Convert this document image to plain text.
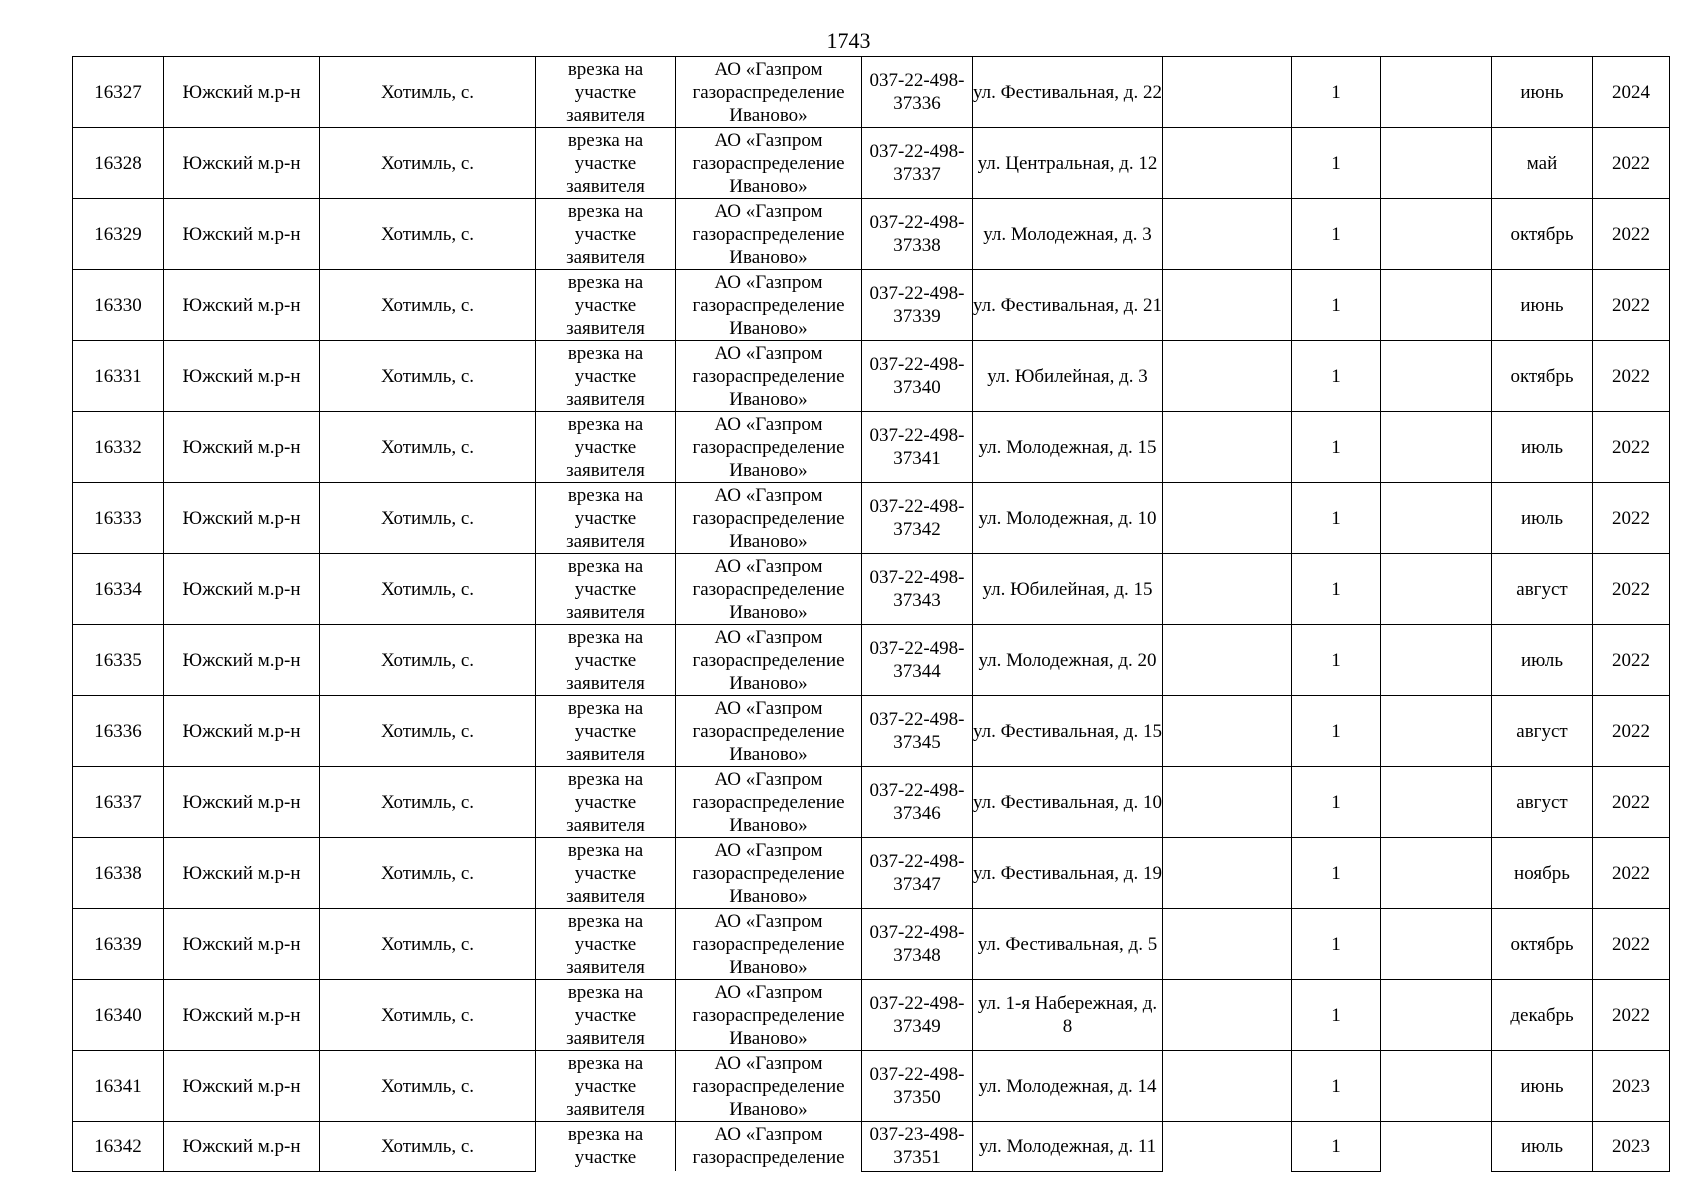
1743
16327	Южский м.р-н	Хотимль, с.	врезка на участке заявителя	АО «Газпром газораспределение Иваново»	037-22-498-37336	ул. Фестивальная, д. 22		1		июнь	2024

16328	Южский м.р-н	Хотимль, с.	врезка на участке заявителя	АО «Газпром газораспределение Иваново»	037-22-498-37337	ул. Центральная, д. 12		1		май	2022

16329	Южский м.р-н	Хотимль, с.	врезка на участке заявителя	АО «Газпром газораспределение Иваново»	037-22-498-37338	ул. Молодежная, д. 3		1		октябрь	2022

16330	Южский м.р-н	Хотимль, с.	врезка на участке заявителя	АО «Газпром газораспределение Иваново»	037-22-498-37339	ул. Фестивальная, д. 21		1		июнь	2022

16331	Южский м.р-н	Хотимль, с.	врезка на участке заявителя	АО «Газпром газораспределение Иваново»	037-22-498-37340	ул. Юбилейная, д. 3		1		октябрь	2022

16332	Южский м.р-н	Хотимль, с.	врезка на участке заявителя	АО «Газпром газораспределение Иваново»	037-22-498-37341	ул. Молодежная, д. 15		1		июль	2022

16333	Южский м.р-н	Хотимль, с.	врезка на участке заявителя	АО «Газпром газораспределение Иваново»	037-22-498-37342	ул. Молодежная, д. 10		1		июль	2022

16334	Южский м.р-н	Хотимль, с.	врезка на участке заявителя	АО «Газпром газораспределение Иваново»	037-22-498-37343	ул. Юбилейная, д. 15		1		август	2022

16335	Южский м.р-н	Хотимль, с.	врезка на участке заявителя	АО «Газпром газораспределение Иваново»	037-22-498-37344	ул. Молодежная, д. 20		1		июль	2022

16336	Южский м.р-н	Хотимль, с.	врезка на участке заявителя	АО «Газпром газораспределение Иваново»	037-22-498-37345	ул. Фестивальная, д. 15		1		август	2022

16337	Южский м.р-н	Хотимль, с.	врезка на участке заявителя	АО «Газпром газораспределение Иваново»	037-22-498-37346	ул. Фестивальная, д. 10		1		август	2022

16338	Южский м.р-н	Хотимль, с.	врезка на участке заявителя	АО «Газпром газораспределение Иваново»	037-22-498-37347	ул. Фестивальная, д. 19		1		ноябрь	2022

16339	Южский м.р-н	Хотимль, с.	врезка на участке заявителя	АО «Газпром газораспределение Иваново»	037-22-498-37348	ул. Фестивальная, д. 5		1		октябрь	2022

16340	Южский м.р-н	Хотимль, с.	врезка на участке заявителя	АО «Газпром газораспределение Иваново»	037-22-498-37349	ул. 1-я Набережная, д. 8		1		декабрь	2022

16341	Южский м.р-н	Хотимль, с.	врезка на участке заявителя	АО «Газпром газораспределение Иваново»	037-22-498-37350	ул. Молодежная, д. 14		1		июнь	2023

16342	Южский м.р-н	Хотимль, с.	врезка на участке	АО «Газпром газораспределение	037-23-498-37351	ул. Молодежная, д. 11		1		июль	2023
